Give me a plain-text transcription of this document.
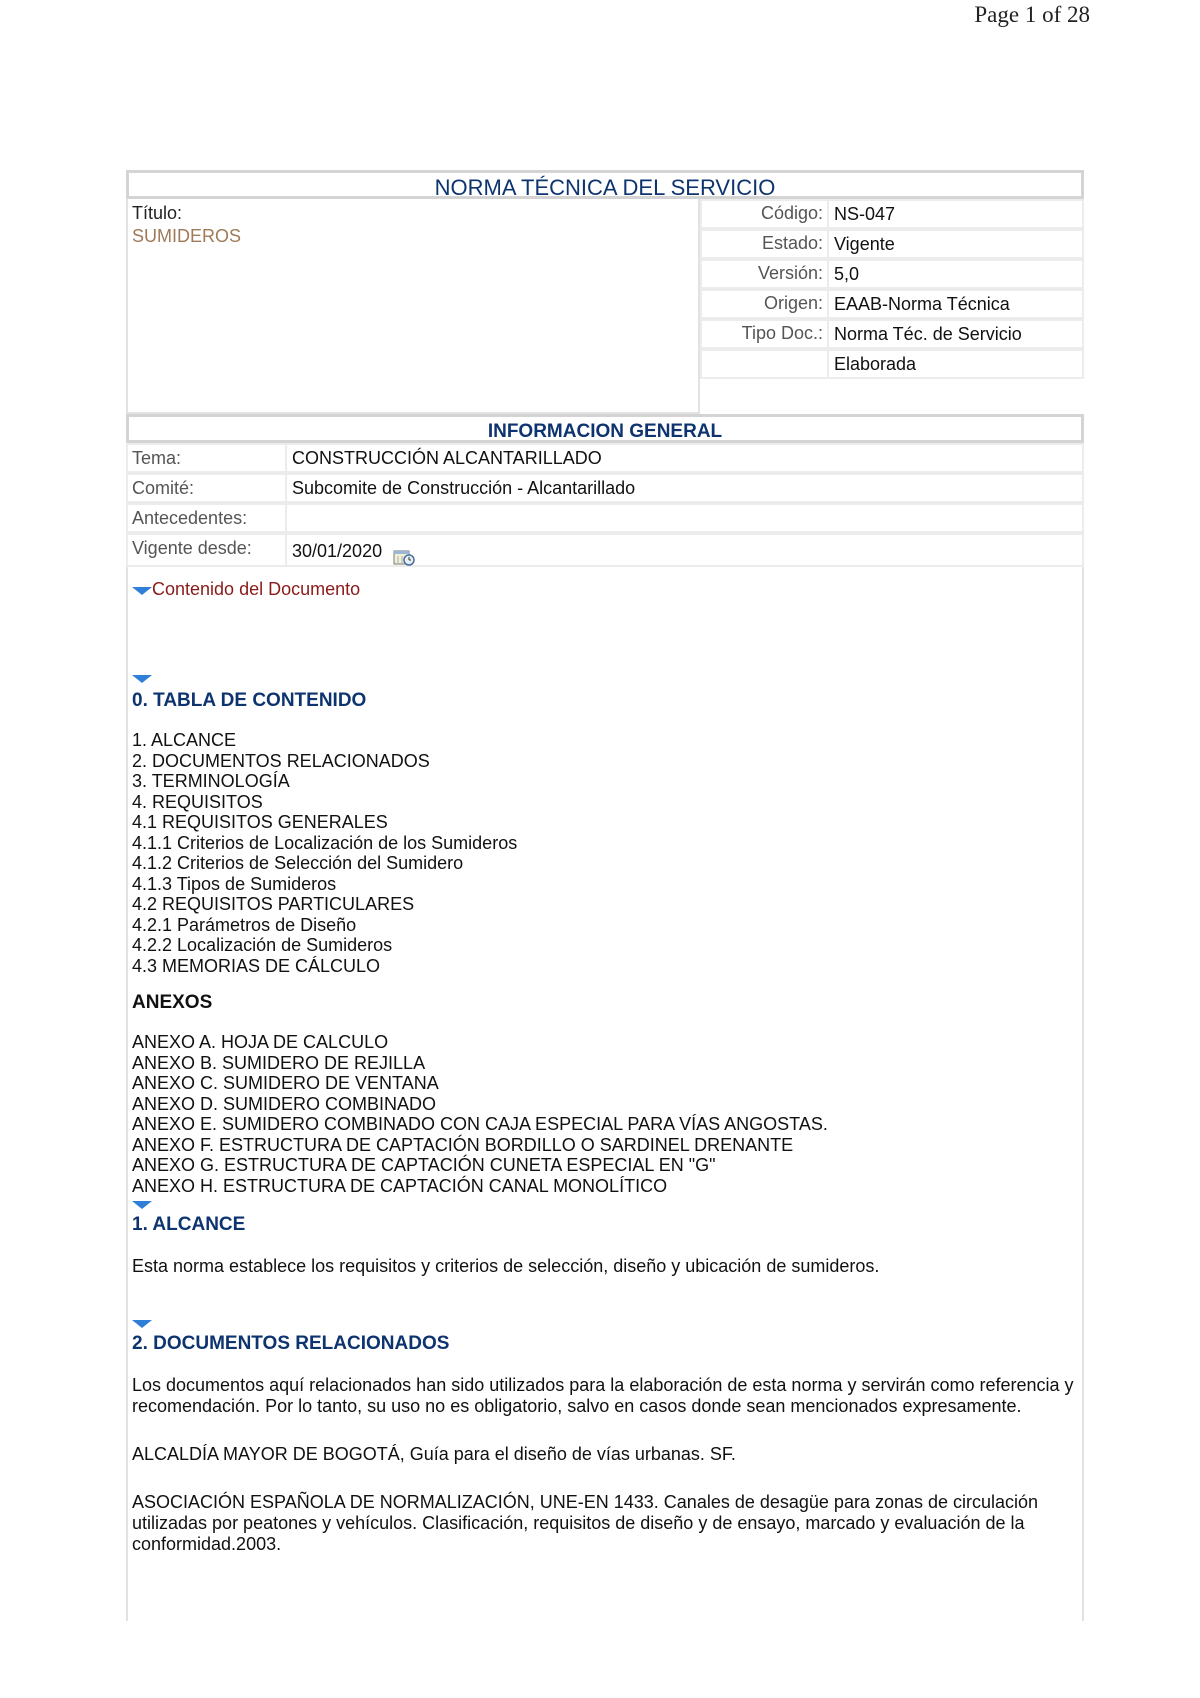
Page 1 of 28
NORMA TÉCNICA DEL SERVICIO
Título:
SUMIDEROS
Código: NS-047
Estado: Vigente
Versión: 5,0
Origen: EAAB-Norma Técnica
Tipo Doc.: Norma Téc. de Servicio
Elaborada
INFORMACION GENERAL
Tema:	CONSTRUCCIÓN ALCANTARILLADO
Comité:	Subcomite de Construcción - Alcantarillado
Antecedentes:
Vigente desde:	30/01/2020
Contenido del Documento

0. TABLA DE CONTENIDO

1. ALCANCE
2. DOCUMENTOS RELACIONADOS
3. TERMINOLOGÍA
4. REQUISITOS
4.1 REQUISITOS GENERALES
4.1.1 Criterios de Localización de los Sumideros
4.1.2 Criterios de Selección del Sumidero
4.1.3 Tipos de Sumideros
4.2 REQUISITOS PARTICULARES
4.2.1 Parámetros de Diseño
4.2.2 Localización de Sumideros
4.3 MEMORIAS DE CÁLCULO

ANEXOS

ANEXO A. HOJA DE CALCULO
ANEXO B. SUMIDERO DE REJILLA
ANEXO C. SUMIDERO DE VENTANA
ANEXO D. SUMIDERO COMBINADO
ANEXO E. SUMIDERO COMBINADO CON CAJA ESPECIAL PARA VÍAS ANGOSTAS.
ANEXO F. ESTRUCTURA DE CAPTACIÓN BORDILLO O SARDINEL DRENANTE
ANEXO G. ESTRUCTURA DE CAPTACIÓN CUNETA ESPECIAL EN "G"
ANEXO H. ESTRUCTURA DE CAPTACIÓN CANAL MONOLÍTICO

1. ALCANCE

Esta norma establece los requisitos y criterios de selección, diseño y ubicación de sumideros.

2. DOCUMENTOS RELACIONADOS

Los documentos aquí relacionados han sido utilizados para la elaboración de esta norma y servirán como referencia y recomendación. Por lo tanto, su uso no es obligatorio, salvo en casos donde sean mencionados expresamente.

ALCALDÍA MAYOR DE BOGOTÁ, Guía para el diseño de vías urbanas. SF.

ASOCIACIÓN ESPAÑOLA DE NORMALIZACIÓN, UNE-EN 1433. Canales de desagüe para zonas de circulación utilizadas por peatones y vehículos. Clasificación, requisitos de diseño y de ensayo, marcado y evaluación de la conformidad.2003.
